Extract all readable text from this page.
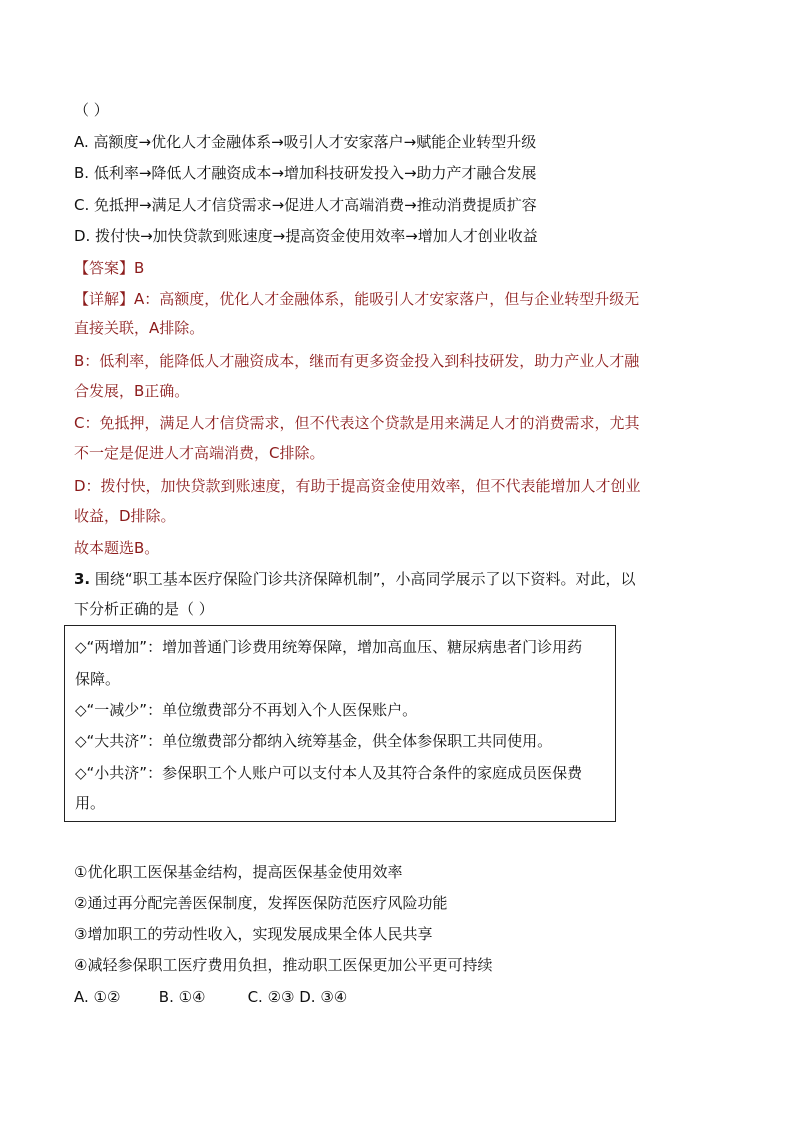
（ ）
A. 高额度→优化人才金融体系→吸引人才安家落户→赋能企业转型升级
B. 低利率→降低人才融资成本→增加科技研发投入→助力产才融合发展
C. 免抵押→满足人才信贷需求→促进人才高端消费→推动消费提质扩容
D. 拨付快→加快贷款到账速度→提高资金使用效率→增加人才创业收益
【答案】B
【详解】A：高额度，优化人才金融体系，能吸引人才安家落户，但与企业转型升级无
直接关联，A排除。
B：低利率，能降低人才融资成本，继而有更多资金投入到科技研发，助力产业人才融
合发展，B正确。
C：免抵押，满足人才信贷需求，但不代表这个贷款是用来满足人才的消费需求，尤其
不一定是促进人才高端消费，C排除。
D：拨付快，加快贷款到账速度，有助于提高资金使用效率，但不代表能增加人才创业
收益，D排除。
故本题选B。
3. 围绕“职工基本医疗保险门诊共济保障机制”，小高同学展示了以下资料。对此，以
下分析正确的是（ ）
◇“两增加”：增加普通门诊费用统筹保障，增加高血压、糖尿病患者门诊用药
保障。
◇“一减少”：单位缴费部分不再划入个人医保账户。
◇“大共济”：单位缴费部分都纳入统筹基金，供全体参保职工共同使用。
◇“小共济”：参保职工个人账户可以支付本人及其符合条件的家庭成员医保费
用。
①优化职工医保基金结构，提高医保基金使用效率
②通过再分配完善医保制度，发挥医保防范医疗风险功能
③增加职工的劳动性收入，实现发展成果全体人民共享
④减轻参保职工医疗费用负担，推动职工医保更加公平更可持续
A. ①②	B. ①④	C. ②③ D. ③④
